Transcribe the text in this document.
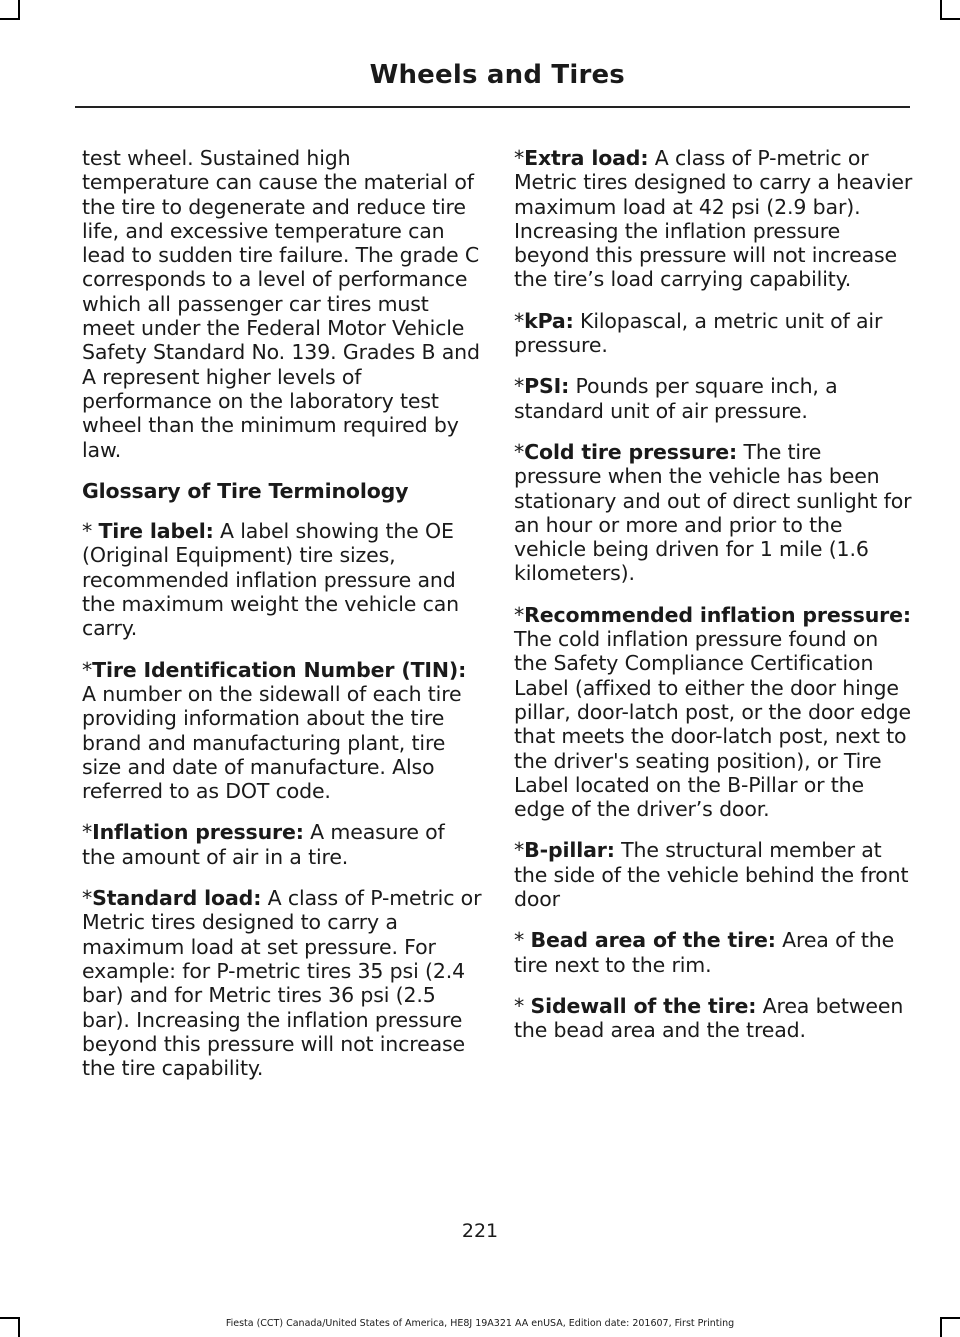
Wheels and Tires

test wheel. Sustained high temperature can cause the material of the tire to degenerate and reduce tire life, and excessive temperature can lead to sudden tire failure. The grade C corresponds to a level of performance which all passenger car tires must meet under the Federal Motor Vehicle Safety Standard No. 139. Grades B and A represent higher levels of performance on the laboratory test wheel than the minimum required by law.

Glossary of Tire Terminology

* Tire label: A label showing the OE (Original Equipment) tire sizes, recommended inflation pressure and the maximum weight the vehicle can carry.

*Tire Identification Number (TIN): A number on the sidewall of each tire providing information about the tire brand and manufacturing plant, tire size and date of manufacture. Also referred to as DOT code.

*Inflation pressure: A measure of the amount of air in a tire.

*Standard load: A class of P-metric or Metric tires designed to carry a maximum load at set pressure. For example: for P-metric tires 35 psi (2.4 bar) and for Metric tires 36 psi (2.5 bar). Increasing the inflation pressure beyond this pressure will not increase the tire capability.

*Extra load: A class of P-metric or Metric tires designed to carry a heavier maximum load at 42 psi (2.9 bar). Increasing the inflation pressure beyond this pressure will not increase the tire’s load carrying capability.

*kPa: Kilopascal, a metric unit of air pressure.

*PSI: Pounds per square inch, a standard unit of air pressure.

*Cold tire pressure: The tire pressure when the vehicle has been stationary and out of direct sunlight for an hour or more and prior to the vehicle being driven for 1 mile (1.6 kilometers).

*Recommended inflation pressure: The cold inflation pressure found on the Safety Compliance Certification Label (affixed to either the door hinge pillar, door-latch post, or the door edge that meets the door-latch post, next to the driver's seating position), or Tire Label located on the B-Pillar or the edge of the driver’s door.

*B-pillar: The structural member at the side of the vehicle behind the front door

* Bead area of the tire: Area of the tire next to the rim.

* Sidewall of the tire: Area between the bead area and the tread.

221
Fiesta (CCT) Canada/United States of America, HE8J 19A321 AA enUSA, Edition date: 201607, First Printing
